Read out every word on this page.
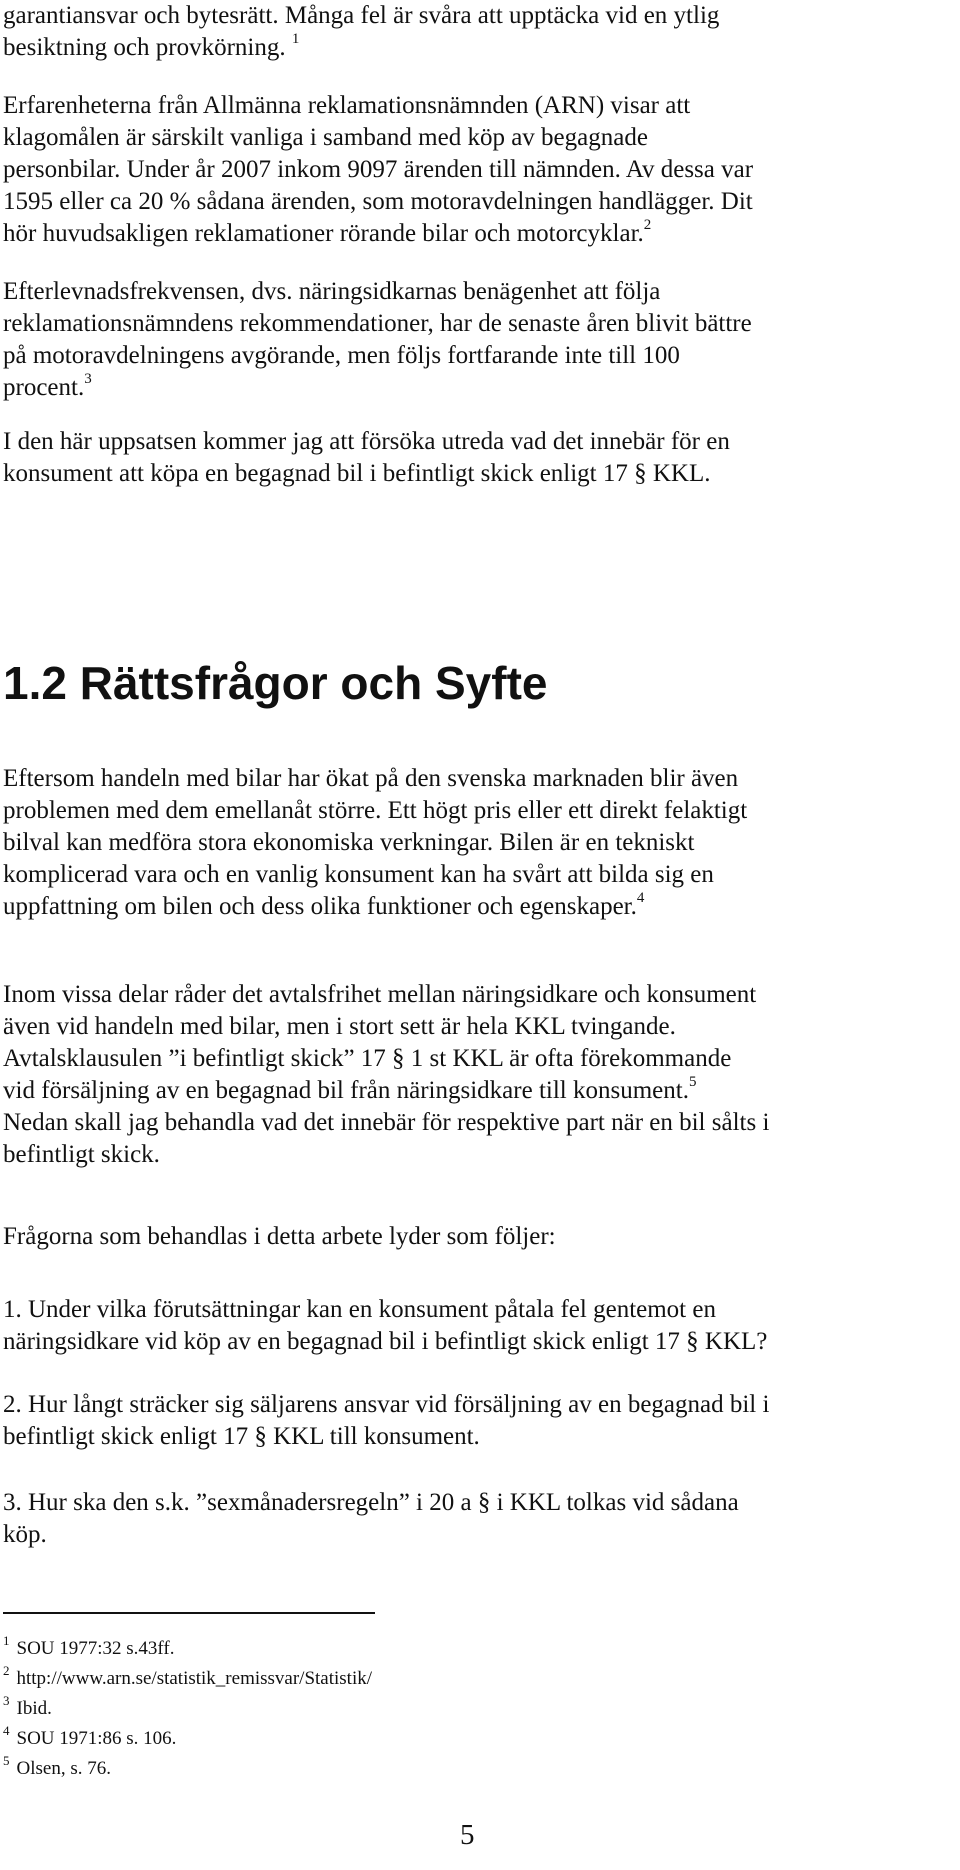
garantiansvar och bytesrätt. Många fel är svåra att upptäcka vid en ytlig
besiktning och provkörning. $^1$
Erfarenheterna från Allmänna reklamationsnämnden (ARN) visar att
klagomålen är särskilt vanliga i samband med köp av begagnade
personbilar. Under år 2007 inkom 9097 ärenden till nämnden. Av dessa var
1595 eller ca 20 % sådana ärenden, som motoravdelningen handlägger. Dit
hör huvudsakligen reklamationer rörande bilar och motorcyklar.$^2$
Efterlevnadsfrekvensen, dvs. näringsidkarnas benägenhet att följa
reklamationsnämndens rekommendationer, har de senaste åren blivit bättre
på motoravdelningens avgörande, men följs fortfarande inte till 100
procent.$^3$
I den här uppsatsen kommer jag att försöka utreda vad det innebär för en
konsument att köpa en begagnad bil i befintligt skick enligt 17 § KKL.
1.2 Rättsfrågor och Syfte
Eftersom handeln med bilar har ökat på den svenska marknaden blir även
problemen med dem emellanåt större. Ett högt pris eller ett direkt felaktigt
bilval kan medföra stora ekonomiska verkningar. Bilen är en tekniskt
komplicerad vara och en vanlig konsument kan ha svårt att bilda sig en
uppfattning om bilen och dess olika funktioner och egenskaper.$^4$
Inom vissa delar råder det avtalsfrihet mellan näringsidkare och konsument
även vid handeln med bilar, men i stort sett är hela KKL tvingande.
Avtalsklausulen ”i befintligt skick” 17 § 1 st KKL är ofta förekommande
vid försäljning av en begagnad bil från näringsidkare till konsument.$^5$
Nedan skall jag behandla vad det innebär för respektive part när en bil sålts i
befintligt skick.
Frågorna som behandlas i detta arbete lyder som följer:
1. Under vilka förutsättningar kan en konsument påtala fel gentemot en
näringsidkare vid köp av en begagnad bil i befintligt skick enligt 17 § KKL?
2. Hur långt sträcker sig säljarens ansvar vid försäljning av en begagnad bil i
befintligt skick enligt 17 § KKL till konsument.
3. Hur ska den s.k. ”sexmånadersregeln” i 20 a § i KKL tolkas vid sådana
köp.
$^1$ SOU 1977:32 s.43ff.
$^2$ http://www.arn.se/statistik_remissvar/Statistik/
$^3$ Ibid.
$^4$ SOU 1971:86 s. 106.
$^5$ Olsen, s. 76.
5
